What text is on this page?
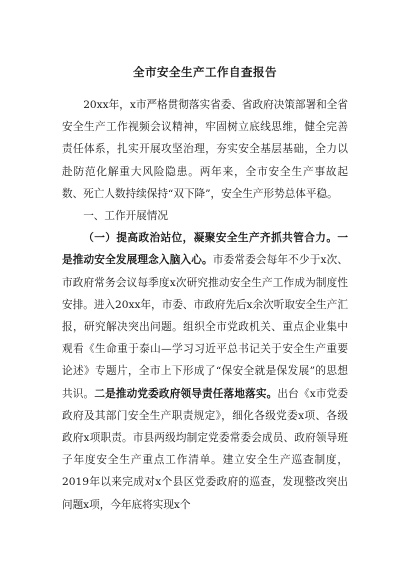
全市安全生产工作自查报告

20xx年，x市严格贯彻落实省委、省政府决策部署和全省安全生产工作视频会议精神，牢固树立底线思维，健全完善责任体系，扎实开展攻坚治理，夯实安全基层基础，全力以赴防范化解重大风险隐患。两年来，全市安全生产事故起数、死亡人数持续保持“双下降”，安全生产形势总体平稳。

一、工作开展情况

（一）提高政治站位，凝聚安全生产齐抓共管合力。一是推动安全发展理念入脑入心。市委常委会每年不少于x次、市政府常务会议每季度x次研究推动安全生产工作成为制度性安排。进入20xx年，市委、市政府先后x余次听取安全生产汇报，研究解决突出问题。组织全市党政机关、重点企业集中观看《生命重于泰山—学习习近平总书记关于安全生产重要论述》专题片，全市上下形成了“保安全就是保发展”的思想共识。二是推动党委政府领导责任落地落实。出台《x市党委政府及其部门安全生产职责规定》，细化各级党委x项、各级政府x项职责。市县两级均制定党委常委会成员、政府领导班子年度安全生产重点工作清单。建立安全生产巡查制度，2019年以来完成对x个县区党委政府的巡查，发现整改突出问题x项，今年底将实现x个
